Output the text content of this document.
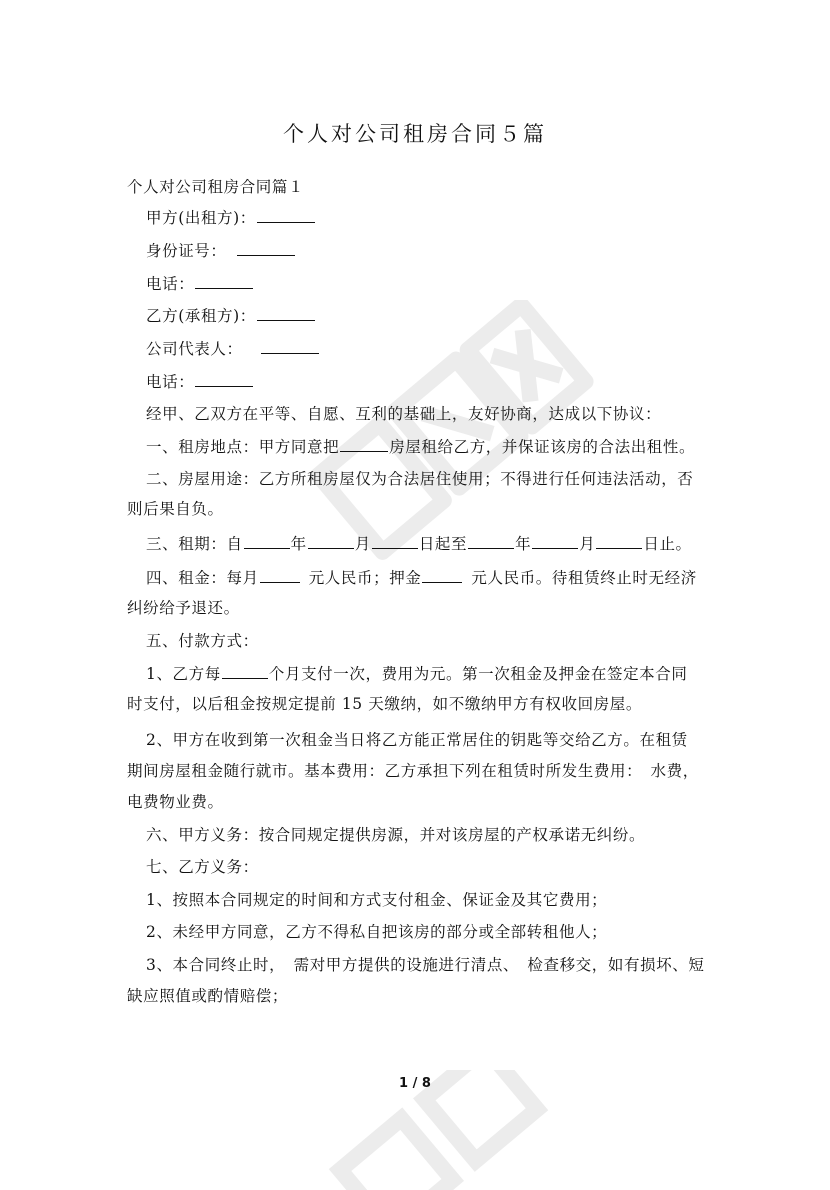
个人对公司租房合同５篇
个人对公司租房合同篇１
甲方(出租方)：
身份证号：
电话：
乙方(承租方)：
公司代表人：
电话：
经甲、乙双方在平等、自愿、互利的基础上，友好协商，达成以下协议：
一、租房地点：甲方同意把	房屋租给乙方，并保证该房的合法出租性。
二、房屋用途：乙方所租房屋仅为合法居住使用；不得进行任何违法活动，否
则后果自负。
三、租期：自	年	月	日起至	年	月	日止。
四、租金：每月	元人民币；押金	元人民币。待租赁终止时无经济
纠纷给予退还。
五、付款方式：
1、乙方每	个月支付一次，费用为元。第一次租金及押金在签定本合同
时支付，以后租金按规定提前 15 天缴纳，如不缴纳甲方有权收回房屋。
2、甲方在收到第一次租金当日将乙方能正常居住的钥匙等交给乙方。在租赁
期间房屋租金随行就市。基本费用：乙方承担下列在租赁时所发生费用：　水费，
电费物业费。
六、甲方义务：按合同规定提供房源，并对该房屋的产权承诺无纠纷。
七、乙方义务：
1、按照本合同规定的时间和方式支付租金、保证金及其它费用；
2、未经甲方同意，乙方不得私自把该房的部分或全部转租他人；
3、本合同终止时，　需对甲方提供的设施进行清点、　检查移交，如有损坏、短
缺应照值或酌情赔偿；
1 / 8
